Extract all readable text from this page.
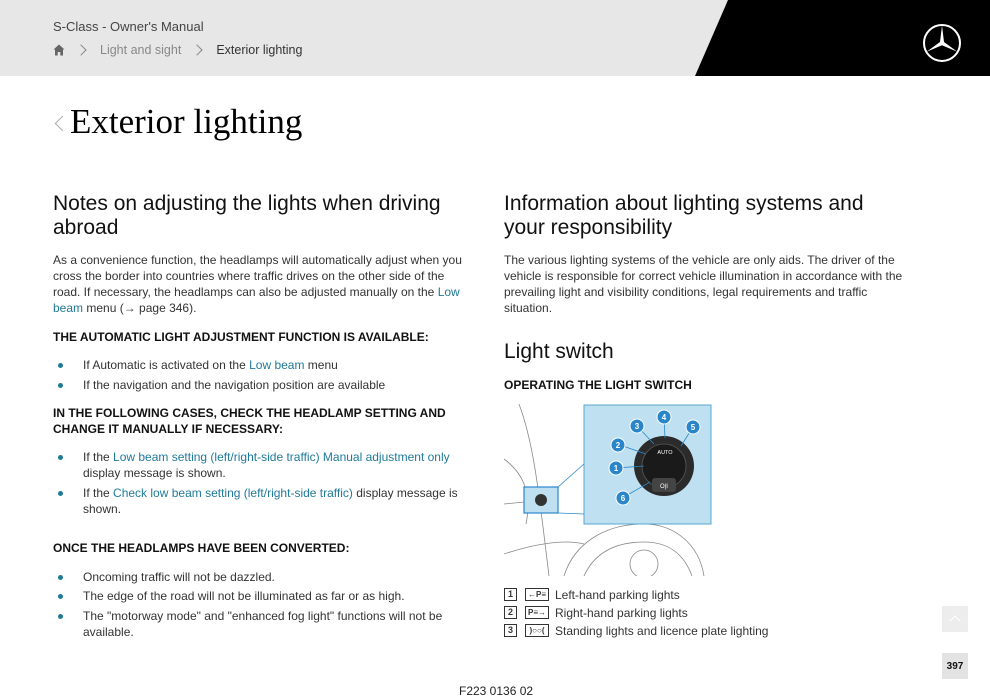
S-Class - Owner's Manual
Light and sight	Exterior lighting
Exterior lighting
Notes on adjusting the lights when driving abroad

As a convenience function, the headlamps will automatically adjust when you cross the border into countries where traffic drives on the other side of the road. If necessary, the headlamps can also be adjusted manually on the Low beam menu (→ page 346).

THE AUTOMATIC LIGHT ADJUSTMENT FUNCTION IS AVAILABLE:
If Automatic is activated on the Low beam menu
If the navigation and the navigation position are available
IN THE FOLLOWING CASES, CHECK THE HEADLAMP SETTING AND CHANGE IT MANUALLY IF NECESSARY:
If the Low beam setting (left/right-side traffic) Manual adjustment only display message is shown.
If the Check low beam setting (left/right-side traffic) display message is shown.
ONCE THE HEADLAMPS HAVE BEEN CONVERTED:
Oncoming traffic will not be dazzled.
The edge of the road will not be illuminated as far or as high.
The "motorway mode" and "enhanced fog light" functions will not be available.
Information about lighting systems and your responsibility

The various lighting systems of the vehicle are only aids. The driver of the vehicle is responsible for correct vehicle illumination in accordance with the prevailing light and visibility conditions, legal requirements and traffic situation.

Light switch
OPERATING THE LIGHT SWITCH
O|I
AUTO
1
2
3
4
5
6
1	←P≡ Left-hand parking lights
2	P≡→ Right-hand parking lights
3	)○○( Standing lights and licence plate lighting
397
F223 0136 02
